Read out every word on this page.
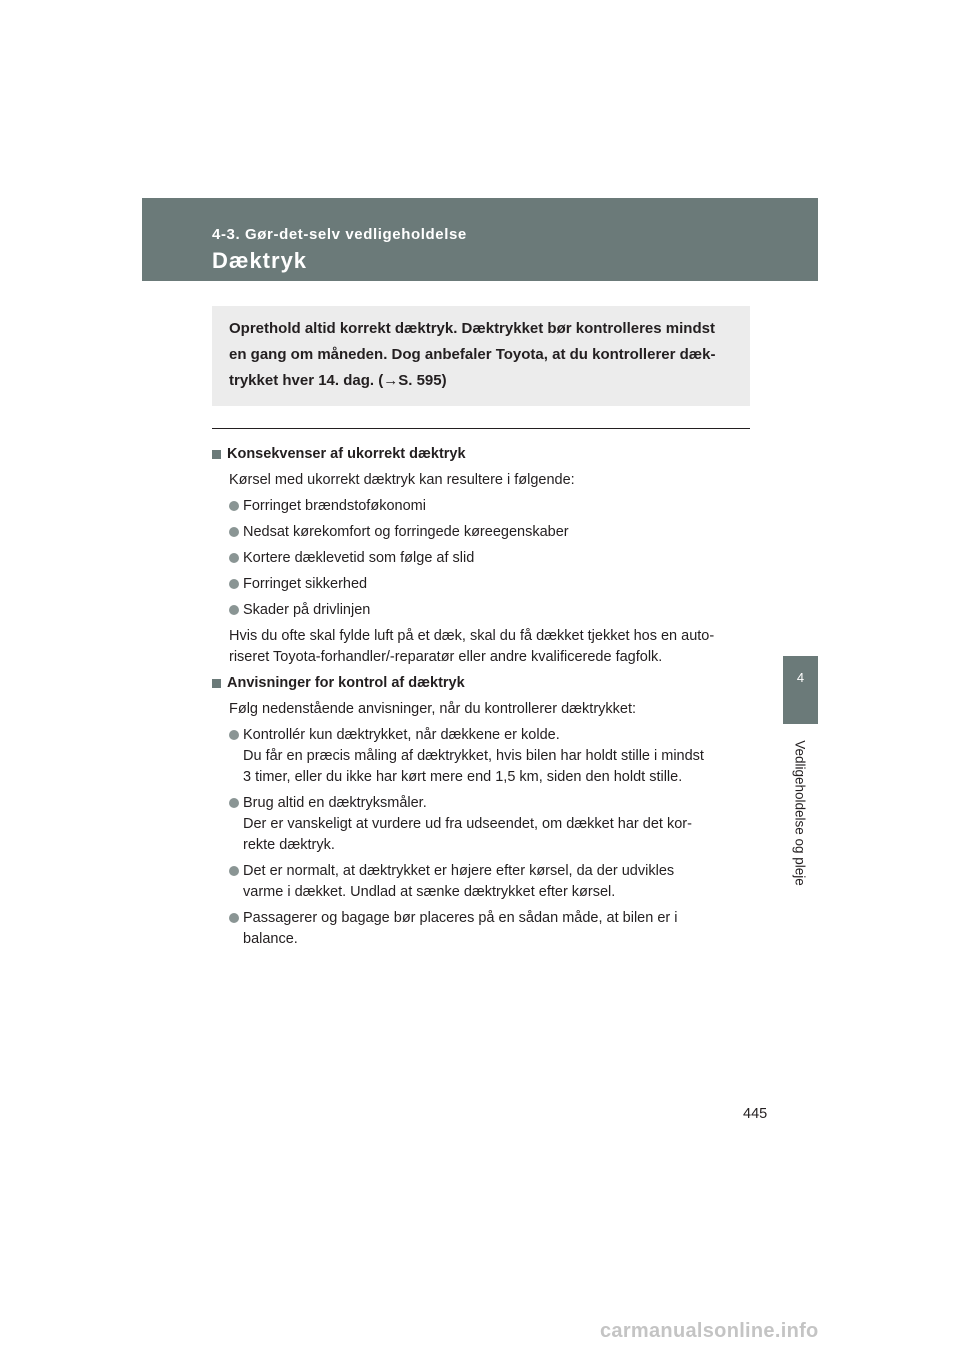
4-3. Gør-det-selv vedligeholdelse
Dæktryk
Oprethold altid korrekt dæktryk. Dæktrykket bør kontrolleres mindst
en gang om måneden. Dog anbefaler Toyota, at du kontrollerer dæk-
trykket hver 14. dag. (→S. 595)
Konsekvenser af ukorrekt dæktryk
Kørsel med ukorrekt dæktryk kan resultere i følgende:
Forringet brændstoføkonomi
Nedsat kørekomfort og forringede køreegenskaber
Kortere dæklevetid som følge af slid
Forringet sikkerhed
Skader på drivlinjen
Hvis du ofte skal fylde luft på et dæk, skal du få dækket tjekket hos en auto-
riseret Toyota-forhandler/-reparatør eller andre kvalificerede fagfolk.
Anvisninger for kontrol af dæktryk
Følg nedenstående anvisninger, når du kontrollerer dæktrykket:
Kontrollér kun dæktrykket, når dækkene er kolde.
Du får en præcis måling af dæktrykket, hvis bilen har holdt stille i mindst
3 timer, eller du ikke har kørt mere end 1,5 km, siden den holdt stille.
Brug altid en dæktryksmåler.
Der er vanskeligt at vurdere ud fra udseendet, om dækket har det kor-
rekte dæktryk.
Det er normalt, at dæktrykket er højere efter kørsel, da der udvikles
varme i dækket. Undlad at sænke dæktrykket efter kørsel.
Passagerer og bagage bør placeres på en sådan måde, at bilen er i
balance.
4
Vedligeholdelse og pleje
445
carmanualsonline.info
